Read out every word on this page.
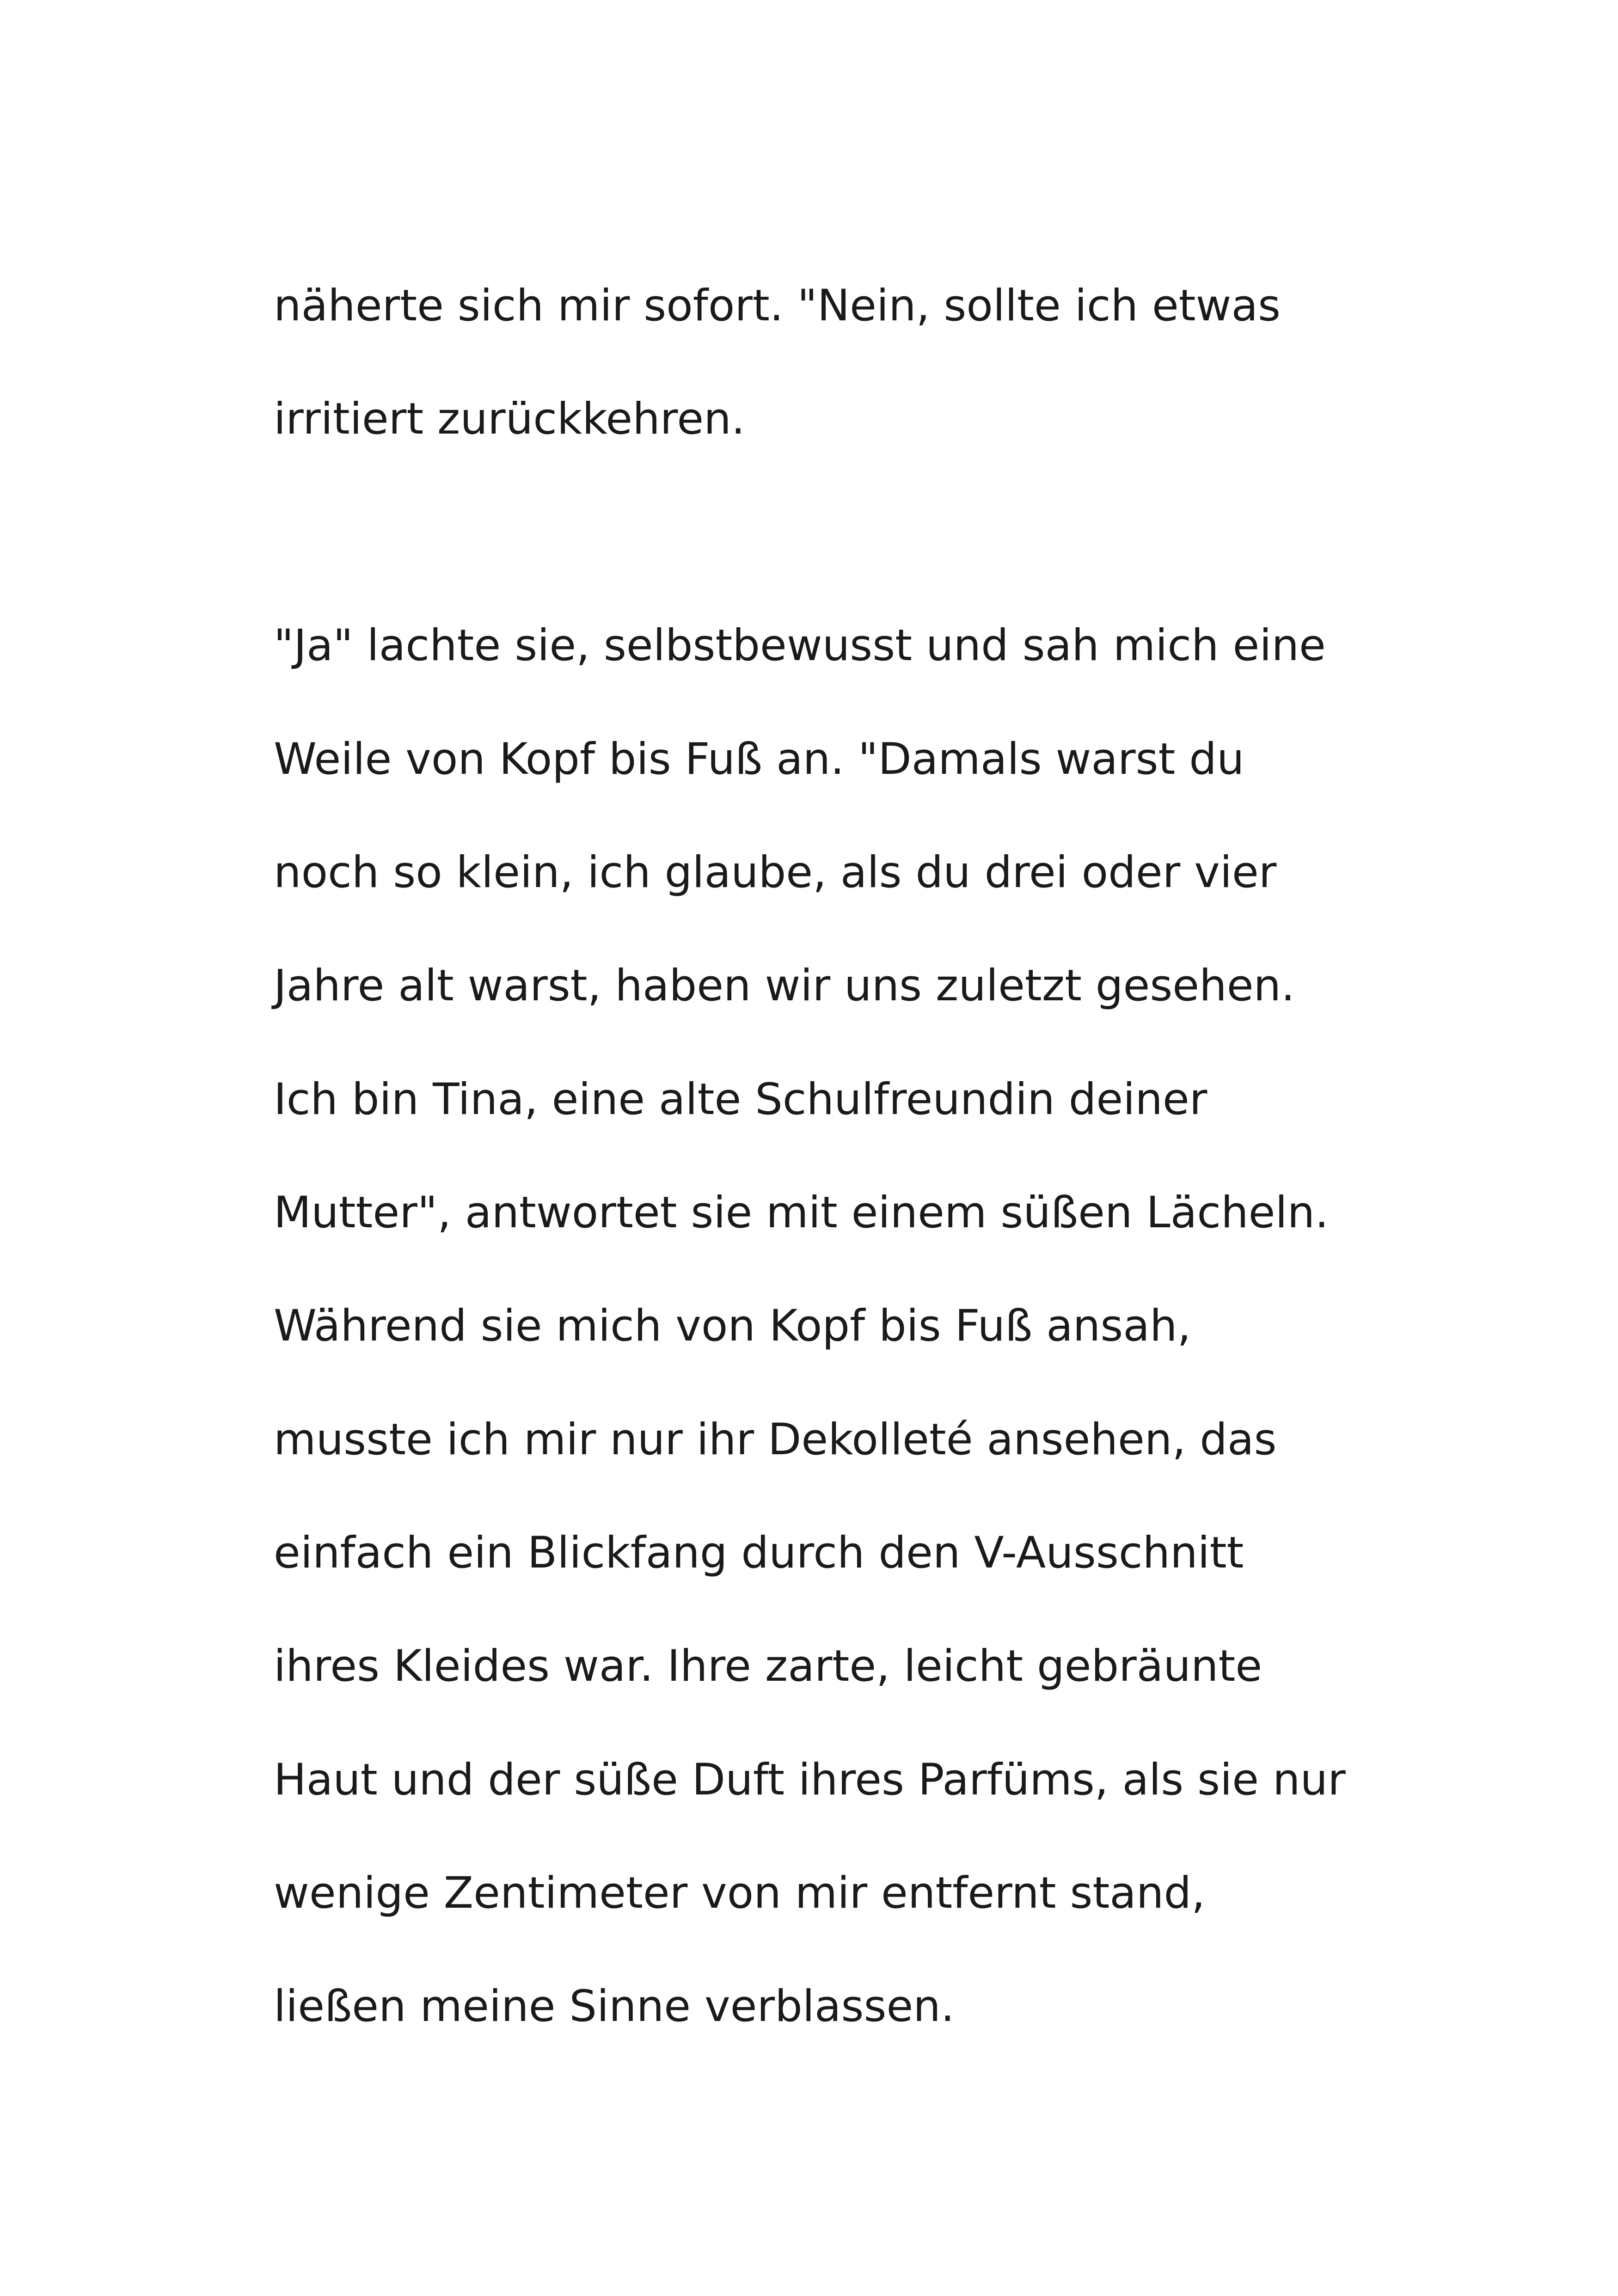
näherte sich mir sofort. "Nein, sollte ich etwas
irritiert zurückkehren.
"Ja" lachte sie, selbstbewusst und sah mich eine
Weile von Kopf bis Fuß an. "Damals warst du
noch so klein, ich glaube, als du drei oder vier
Jahre alt warst, haben wir uns zuletzt gesehen.
Ich bin Tina, eine alte Schulfreundin deiner
Mutter", antwortet sie mit einem süßen Lächeln.
Während sie mich von Kopf bis Fuß ansah,
musste ich mir nur ihr Dekolleté ansehen, das
einfach ein Blickfang durch den V-Ausschnitt
ihres Kleides war. Ihre zarte, leicht gebräunte
Haut und der süße Duft ihres Parfüms, als sie nur
wenige Zentimeter von mir entfernt stand,
ließen meine Sinne verblassen.
